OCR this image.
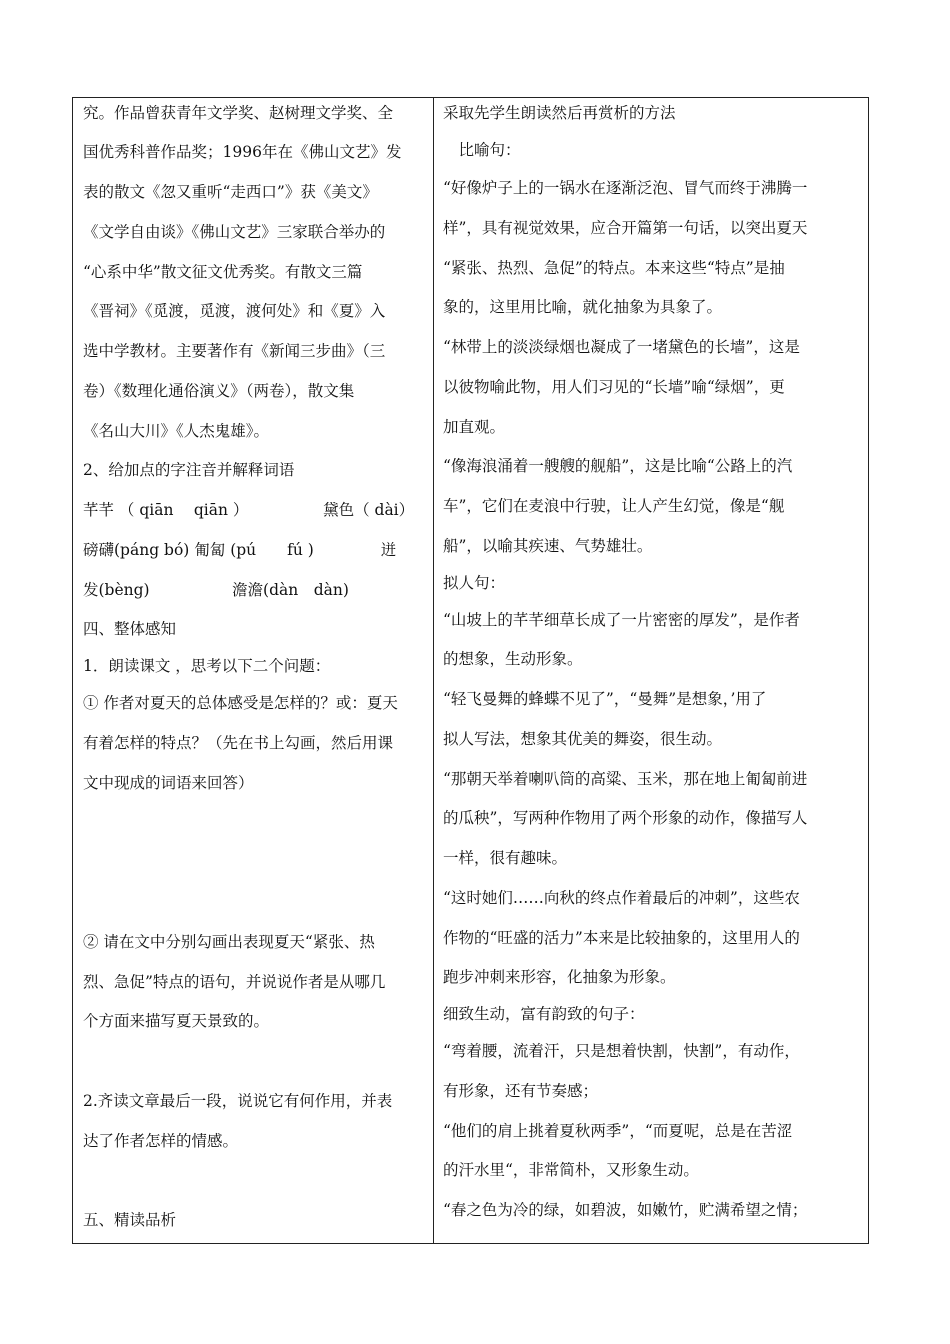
究。作品曾获青年文学奖、赵树理文学奖、全
国优秀科普作品奖；1996年在《佛山文艺》发
表的散文《忽又重听“走西口”》获《美文》
《文学自由谈》《佛山文艺》三家联合举办的
“心系中华”散文征文优秀奖。有散文三篇
《晋祠》《觅渡，觅渡，渡何处》和《夏》入
选中学教材。主要著作有《新闻三步曲》（三
卷）《数理化通俗演义》（两卷），散文集
《名山大川》《人杰鬼雄》。
2、给加点的字注音并解释词语
芊芊 （ qiān　 qiān ）　　　　　 黛色（ dài）
磅礴(páng bó) 匍匐 (pú　　fú )　　　　 迸
发(bèng)　　　　　 澹澹(dàn　dàn)
四、整体感知
1．朗读课文 ，思考以下二个问题：
① 作者对夏天的总体感受是怎样的？或：夏天
有着怎样的特点？（先在书上勾画，然后用课
文中现成的词语来回答）
② 请在文中分别勾画出表现夏天“紧张、热
烈、急促”特点的语句，并说说作者是从哪几
个方面来描写夏天景致的。
2.齐读文章最后一段，说说它有何作用，并表
达了作者怎样的情感。
五、精读品析
采取先学生朗读然后再赏析的方法
　比喻句：
“好像炉子上的一锅水在逐渐泛泡、冒气而终于沸腾一
样”，具有视觉效果，应合开篇第一句话，以突出夏天
“紧张、热烈、急促”的特点。本来这些“特点”是抽
象的，这里用比喻，就化抽象为具象了。
“林带上的淡淡绿烟也凝成了一堵黛色的长墙”，这是
以彼物喻此物，用人们习见的“长墙”喻“绿烟”，更
加直观。
“像海浪涌着一艘艘的舰船”，这是比喻“公路上的汽
车”，它们在麦浪中行驶，让人产生幻觉，像是“舰
船”，以喻其疾速、气势雄壮。
拟人句：
“山坡上的芊芊细草长成了一片密密的厚发”，是作者
的想象，生动形象。
“轻飞曼舞的蜂蝶不见了”，“曼舞”是想象，’用了
拟人写法，想象其优美的舞姿，很生动。
“那朝天举着喇叭筒的高粱、玉米，那在地上匍匐前进
的瓜秧”，写两种作物用了两个形象的动作，像描写人
一样，很有趣味。
“这时她们……向秋的终点作着最后的冲刺”，这些农
作物的“旺盛的活力”本来是比较抽象的，这里用人的
跑步冲刺来形容，化抽象为形象。
细致生动，富有韵致的句子：
“弯着腰，流着汗，只是想着快割，快割”，有动作，
有形象，还有节奏感；
“他们的肩上挑着夏秋两季”，“而夏呢，总是在苦涩
的汗水里“，非常简朴，又形象生动。
“春之色为冷的绿，如碧波，如嫩竹，贮满希望之情；
